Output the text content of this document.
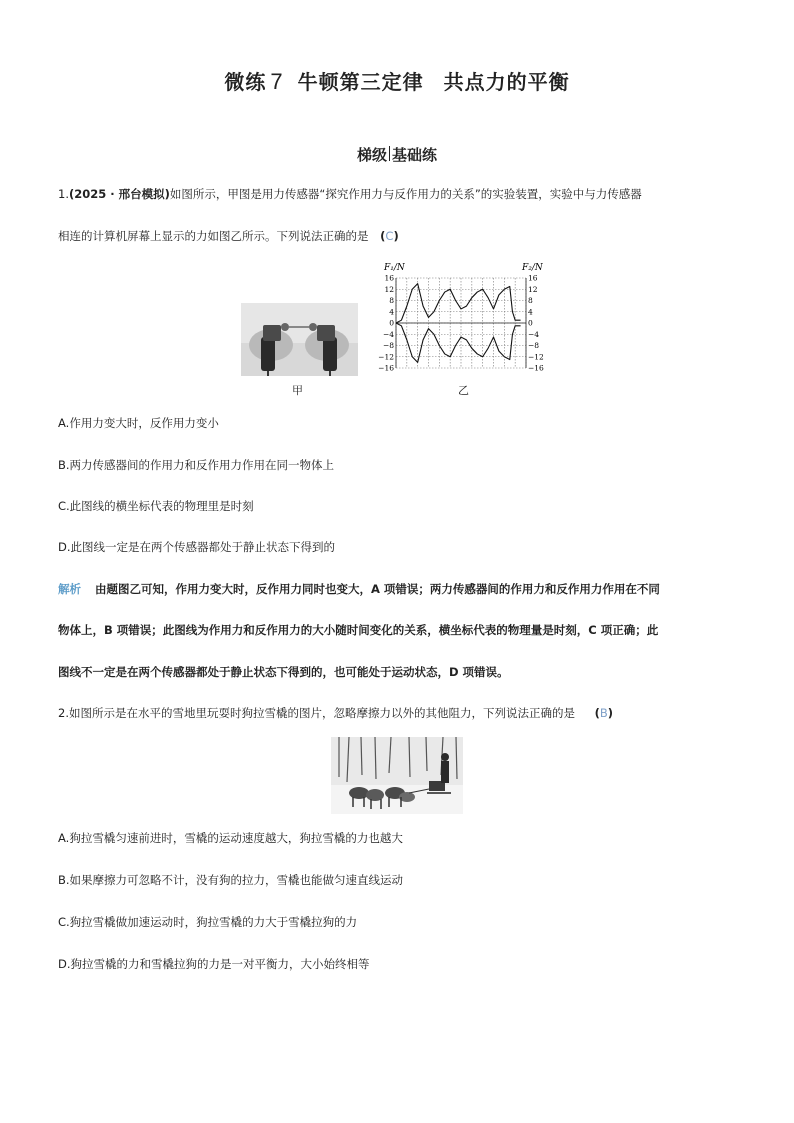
微练 7 牛顿第三定律 共点力的平衡
梯级 基础练
1.(2025 · 邢台模拟)如图所示，甲图是用力传感器“探究作用力与反作用力的关系”的实验装置，实验中与力传感器
相连的计算机屏幕上显示的力如图乙所示。下列说法正确的是 (C)
甲
F₁/N	F₂/N
16	16
12	12
8	8
4	4
0	0
−4	−4
−8	−8
−12	−12
−16	−16
乙
A.作用力变大时，反作用力变小
B.两力传感器间的作用力和反作用力作用在同一物体上
C.此图线的横坐标代表的物理里是时刻
D.此图线一定是在两个传感器都处于静止状态下得到的
解析 由题图乙可知，作用力变大时，反作用力同时也变大，A 项错误；两力传感器间的作用力和反作用力作用在不同
物体上，B 项错误；此图线为作用力和反作用力的大小随时间变化的关系，横坐标代表的物理量是时刻，C 项正确；此
图线不一定是在两个传感器都处于静止状态下得到的，也可能处于运动状态，D 项错误。
2.如图所示是在水平的雪地里玩耍时狗拉雪橇的图片，忽略摩擦力以外的其他阻力，下列说法正确的是 (B)
A.狗拉雪橇匀速前进时，雪橇的运动速度越大，狗拉雪橇的力也越大
B.如果摩擦力可忽略不计，没有狗的拉力，雪橇也能做匀速直线运动
C.狗拉雪橇做加速运动时，狗拉雪橇的力大于雪橇拉狗的力
D.狗拉雪橇的力和雪橇拉狗的力是一对平衡力，大小始终相等
